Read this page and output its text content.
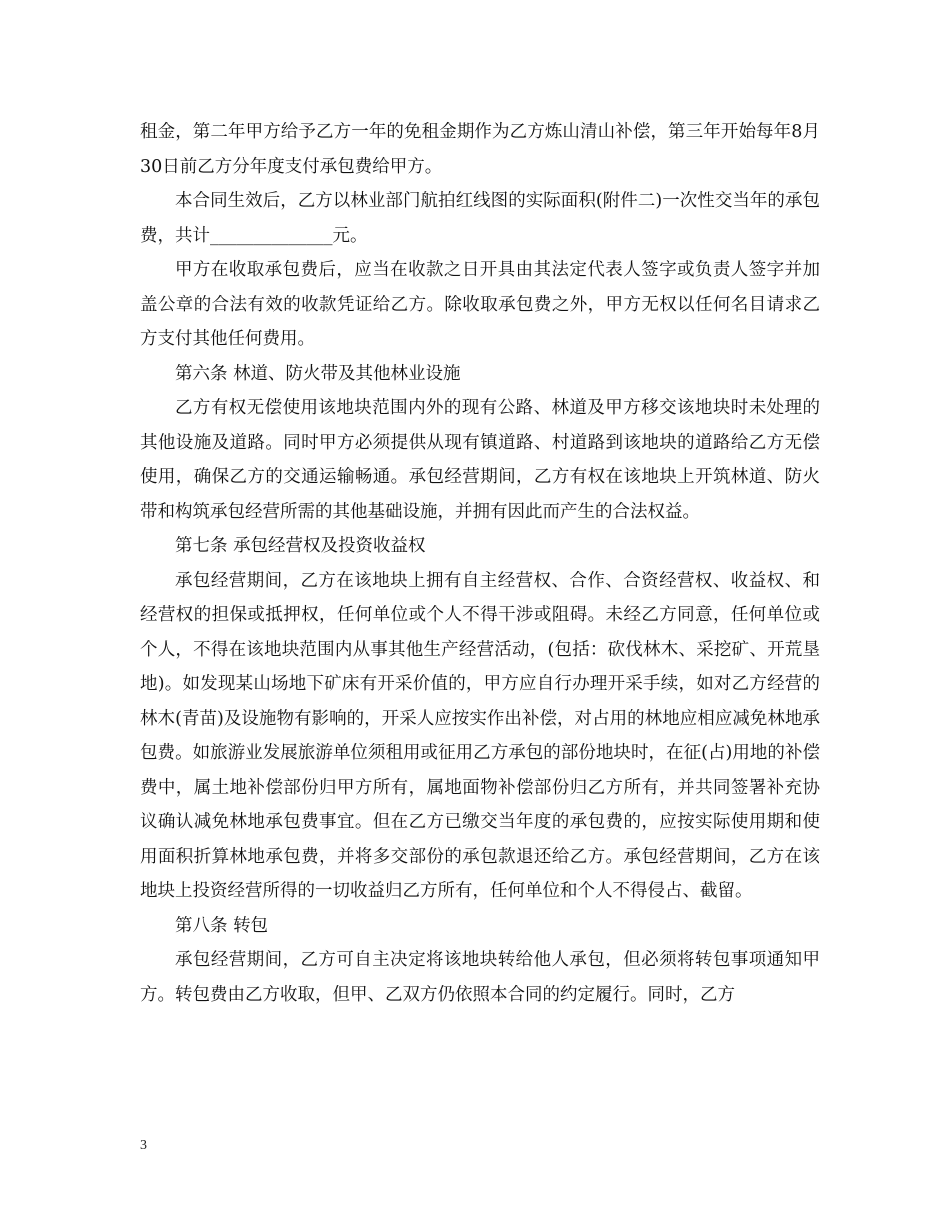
租金，第二年甲方给予乙方一年的免租金期作为乙方炼山清山补偿，第三年开始每年8月30日前乙方分年度支付承包费给甲方。

本合同生效后，乙方以林业部门航拍红线图的实际面积(附件二)一次性交当年的承包费，共计______________元。

甲方在收取承包费后，应当在收款之日开具由其法定代表人签字或负责人签字并加盖公章的合法有效的收款凭证给乙方。除收取承包费之外，甲方无权以任何名目请求乙方支付其他任何费用。

第六条 林道、防火带及其他林业设施

乙方有权无偿使用该地块范围内外的现有公路、林道及甲方移交该地块时未处理的其他设施及道路。同时甲方必须提供从现有镇道路、村道路到该地块的道路给乙方无偿使用，确保乙方的交通运输畅通。承包经营期间，乙方有权在该地块上开筑林道、防火带和构筑承包经营所需的其他基础设施，并拥有因此而产生的合法权益。

第七条 承包经营权及投资收益权

承包经营期间，乙方在该地块上拥有自主经营权、合作、合资经营权、收益权、和经营权的担保或抵押权，任何单位或个人不得干涉或阻碍。未经乙方同意，任何单位或个人，不得在该地块范围内从事其他生产经营活动，(包括：砍伐林木、采挖矿、开荒垦地)。如发现某山场地下矿床有开采价值的，甲方应自行办理开采手续，如对乙方经营的林木(青苗)及设施物有影响的，开采人应按实作出补偿，对占用的林地应相应减免林地承包费。如旅游业发展旅游单位须租用或征用乙方承包的部份地块时，在征(占)用地的补偿费中，属土地补偿部份归甲方所有，属地面物补偿部份归乙方所有，并共同签署补充协议确认减免林地承包费事宜。但在乙方已缴交当年度的承包费的，应按实际使用期和使用面积折算林地承包费，并将多交部份的承包款退还给乙方。承包经营期间，乙方在该地块上投资经营所得的一切收益归乙方所有，任何单位和个人不得侵占、截留。

第八条 转包

承包经营期间，乙方可自主决定将该地块转给他人承包，但必须将转包事项通知甲方。转包费由乙方收取，但甲、乙双方仍依照本合同的约定履行。同时，乙方

3
